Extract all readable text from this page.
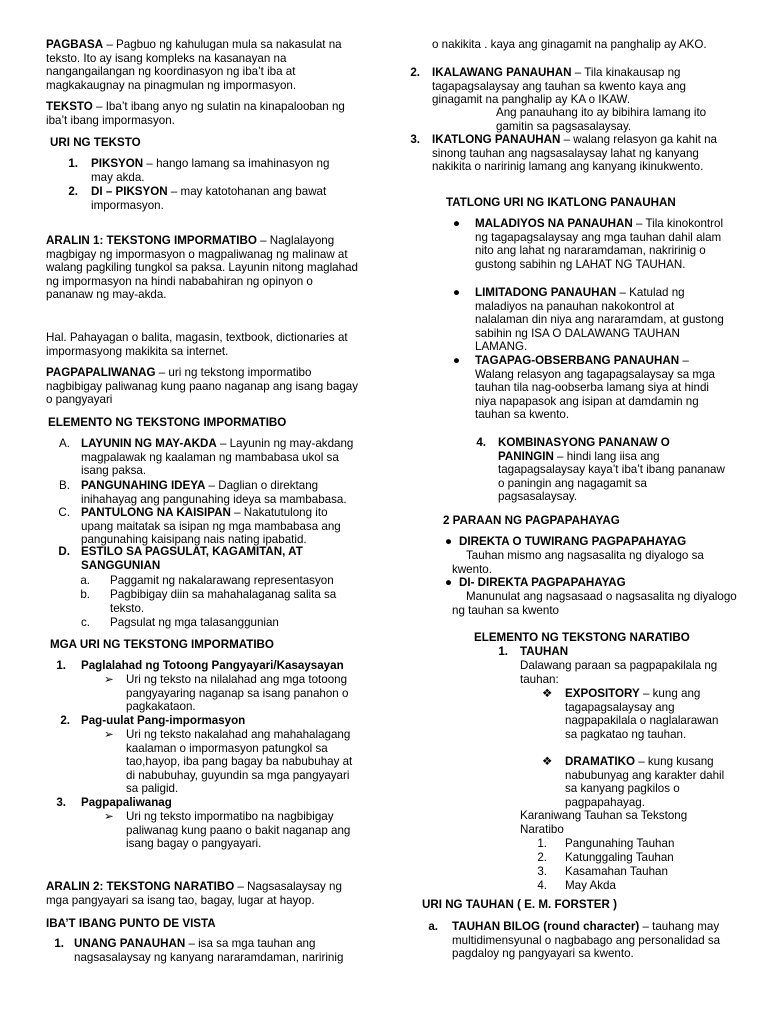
PAGBASA – Pagbuo ng kahulugan mula sa nakasulat na teksto. Ito ay isang kompleks na kasanayan na nangangailangan ng koordinasyon ng iba’t iba at magkakaugnay na pinagmulan ng impormasyon.

TEKSTO – Iba’t ibang anyo ng sulatin na kinapalooban ng iba’t ibang impormasyon.

URI NG TEKSTO

1. PIKSYON – hango lamang sa imahinasyon ng may akda.

2. DI – PIKSYON – may katotohanan ang bawat impormasyon.

ARALIN 1: TEKSTONG IMPORMATIBO – Naglalayong magbigay ng impormasyon o magpaliwanag ng malinaw at walang pagkiling tungkol sa paksa. Layunin nitong maglahad ng impormasyon na hindi nababahiran ng opinyon o pananaw ng may-akda.

Hal. Pahayagan o balita, magasin, textbook, dictionaries at impormasyong makikita sa internet.

PAGPAPALIWANAG – uri ng tekstong impormatibo nagbibigay paliwanag kung paano naganap ang isang bagay o pangyayari

ELEMENTO NG TEKSTONG IMPORMATIBO

A. LAYUNIN NG MAY-AKDA – Layunin ng may-akdang magpalawak ng kaalaman ng mambabasa ukol sa isang paksa.

B. PANGUNAHING IDEYA – Daglian o direktang inihahayag ang pangunahing ideya sa mambabasa.

C. PANTULONG NA KAISIPAN – Nakatutulong ito upang maitatak sa isipan ng mga mambabasa ang pangunahing kaisipang nais nating ipabatid.

D. ESTILO SA PAGSULAT, KAGAMITAN, AT SANGGUNIAN

a. Paggamit ng nakalarawang representasyon

b. Pagbibigay diin sa mahahalaganag salita sa teksto.

c. Pagsulat ng mga talasanggunian

MGA URI NG TEKSTONG IMPORMATIBO

1. Paglalahad ng Totoong Pangyayari/Kasaysayan

➢ Uri ng teksto na nilalahad ang mga totoong pangyayaring naganap sa isang panahon o pagkakataon.

2. Pag-uulat Pang-impormasyon

➢ Uri ng teksto nakalahad ang mahahalagang kaalaman o impormasyon patungkol sa tao,hayop, iba pang bagay ba nabubuhay at di nabubuhay, guyundin sa mga pangyayari sa paligid.

3. Pagpapaliwanag

➢ Uri ng teksto impormatibo na nagbibigay paliwanag kung paano o bakit naganap ang isang bagay o pangyayari.

ARALIN 2: TEKSTONG NARATIBO – Nagsasalaysay ng mga pangyayari sa isang tao, bagay, lugar at hayop.

IBA’T IBANG PUNTO DE VISTA

1. UNANG PANAUHAN – isa sa mga tauhan ang nagsasalaysay ng kanyang nararamdaman, naririnig

o nakikita . kaya ang ginagamit na panghalip ay AKO.

2. IKALAWANG PANAUHAN – Tila kinakausap ng tagapagsalaysay ang tauhan sa kwento kaya ang ginagamit na panghalip ay KA o IKAW.

Ang panauhang ito ay bibihira lamang ito gamitin sa pagsasalaysay.

3. IKATLONG PANAUHAN – walang relasyon ga kahit na sinong tauhan ang nagsasalaysay lahat ng kanyang nakikita o naririnig lamang ang kanyang ikinukwento.

TATLONG URI NG IKATLONG PANAUHAN

● MALADIYOS NA PANAUHAN – Tila kinokontrol ng tagapagsalaysay ang mga tauhan dahil alam nito ang lahat ng nararamdaman, nakririnig o gustong sabihin ng LAHAT NG TAUHAN.

● LIMITADONG PANAUHAN – Katulad ng maladiyos na panauhan nakokontrol at nalalaman din niya ang nararamdam, at gustong sabihin ng ISA O DALAWANG TAUHAN LAMANG.

● TAGAPAG-OBSERBANG PANAUHAN – Walang relasyon ang tagapagsalaysay sa mga tauhan tila nag-oobserba lamang siya at hindi niya napapasok ang isipan at damdamin ng tauhan sa kwento.

4. KOMBINASYONG PANANAW O PANINGIN – hindi lang iisa ang tagapagsalaysay kaya’t iba’t ibang pananaw o paningin ang nagagamit sa pagsasalaysay.

2 PARAAN NG PAGPAPAHAYAG

● DIREKTA O TUWIRANG PAGPAPAHAYAG

Tauhan mismo ang nagsasalita ng diyalogo sa kwento.

● DI- DIREKTA PAGPAPAHAYAG

Manunulat ang nagsasaad o nagsasalita ng diyalogo ng tauhan sa kwento

ELEMENTO NG TEKSTONG NARATIBO

1. TAUHAN

Dalawang paraan sa pagpapakilala ng tauhan:

❖ EXPOSITORY – kung ang tagapagsalaysay ang nagpapakilala o naglalarawan sa pagkatao ng tauhan.

❖ DRAMATIKO – kung kusang nabubunyag ang karakter dahil sa kanyang pagkilos o pagpapahayag.

Karaniwang Tauhan sa Tekstong Naratibo

1. Pangunahing Tauhan

2. Katunggaling Tauhan

3. Kasamahan Tauhan

4. May Akda

URI NG TAUHAN ( E. M. FORSTER )

a. TAUHAN BILOG (round character) – tauhang may multidimensyunal o nagbabago ang personalidad sa pagdaloy ng pangyayari sa kwento.
